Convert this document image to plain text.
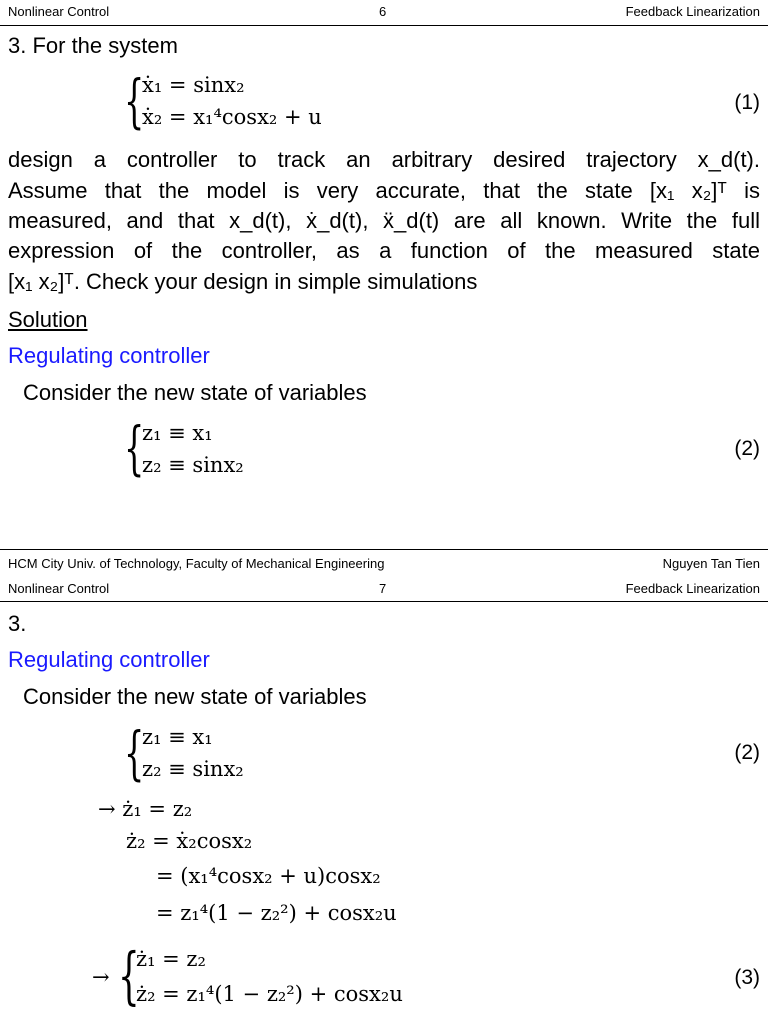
Nonlinear Control	6	Feedback Linearization
3. For the system
{
ẋ₁ = sinx₂
ẋ₂ = x₁⁴cosx₂ + u
(1)
design a controller to track an arbitrary desired trajectory x_d(t).
Assume that the model is very accurate, that the state [x₁ x₂]ᵀ is
measured, and that x_d(t), ẋ_d(t), ẍ_d(t) are all known. Write the full
expression of the controller, as a function of the measured state
[x₁ x₂]ᵀ. Check your design in simple simulations
Solution
Regulating controller
Consider the new state of variables
{
z₁ ≡ x₁
z₂ ≡ sinx₂
(2)
HCM City Univ. of Technology, Faculty of Mechanical Engineering	Nguyen Tan Tien
Nonlinear Control	7	Feedback Linearization
3.
Regulating controller
Consider the new state of variables
{
z₁ ≡ x₁
z₂ ≡ sinx₂
(2)
→ ż₁ = z₂
ż₂ = ẋ₂cosx₂
= (x₁⁴cosx₂ + u)cosx₂
= z₁⁴(1 − z₂²) + cosx₂u
→ {
ż₁ = z₂
ż₂ = z₁⁴(1 − z₂²) + cosx₂u
(3)
